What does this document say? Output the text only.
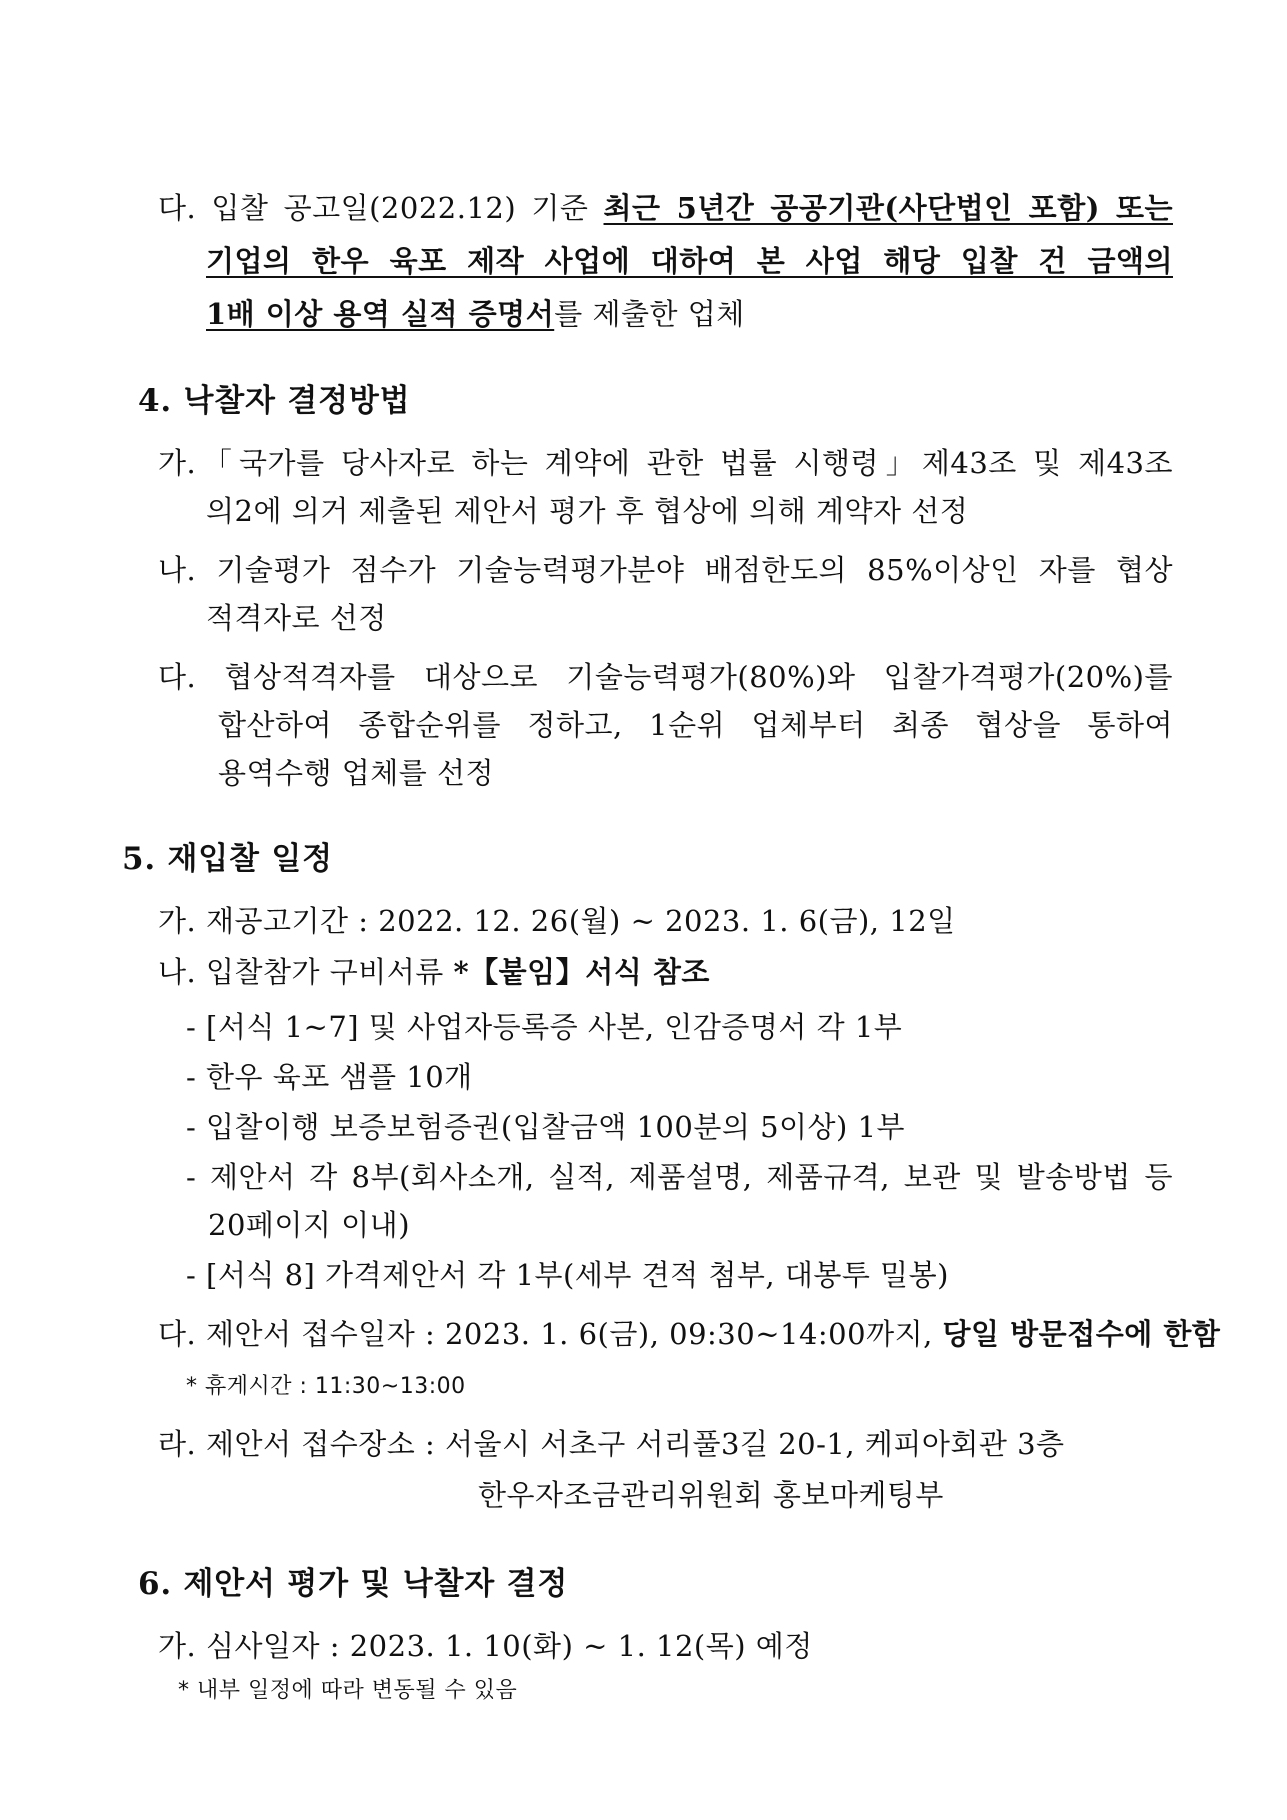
다. 입찰 공고일(2022.12) 기준 최근 5년간 공공기관(사단법인 포함) 또는
기업의 한우 육포 제작 사업에 대하여 본 사업 해당 입찰 건 금액의
1배 이상 용역 실적 증명서를 제출한 업체
4. 낙찰자 결정방법
가.「국가를 당사자로 하는 계약에 관한 법률 시행령」제43조 및 제43조
의2에 의거 제출된 제안서 평가 후 협상에 의해 계약자 선정
나. 기술평가 점수가 기술능력평가분야 배점한도의 85%이상인 자를 협상
적격자로 선정
다. 협상적격자를 대상으로 기술능력평가(80%)와 입찰가격평가(20%)를
합산하여 종합순위를 정하고, 1순위 업체부터 최종 협상을 통하여
용역수행 업체를 선정
5. 재입찰 일정
가. 재공고기간 : 2022. 12. 26(월) ~ 2023. 1. 6(금), 12일
나. 입찰참가 구비서류 *【붙임】서식 참조
- [서식 1~7] 및 사업자등록증 사본, 인감증명서 각 1부
- 한우 육포 샘플 10개
- 입찰이행 보증보험증권(입찰금액 100분의 5이상) 1부
- 제안서 각 8부(회사소개, 실적, 제품설명, 제품규격, 보관 및 발송방법 등
20페이지 이내)
- [서식 8] 가격제안서 각 1부(세부 견적 첨부, 대봉투 밀봉)
다. 제안서 접수일자 : 2023. 1. 6(금), 09:30~14:00까지, 당일 방문접수에 한함
* 휴게시간 : 11:30~13:00
라. 제안서 접수장소 : 서울시 서초구 서리풀3길 20-1, 케피아회관 3층
한우자조금관리위원회 홍보마케팅부
6. 제안서 평가 및 낙찰자 결정
가. 심사일자 : 2023. 1. 10(화) ~ 1. 12(목) 예정
* 내부 일정에 따라 변동될 수 있음
